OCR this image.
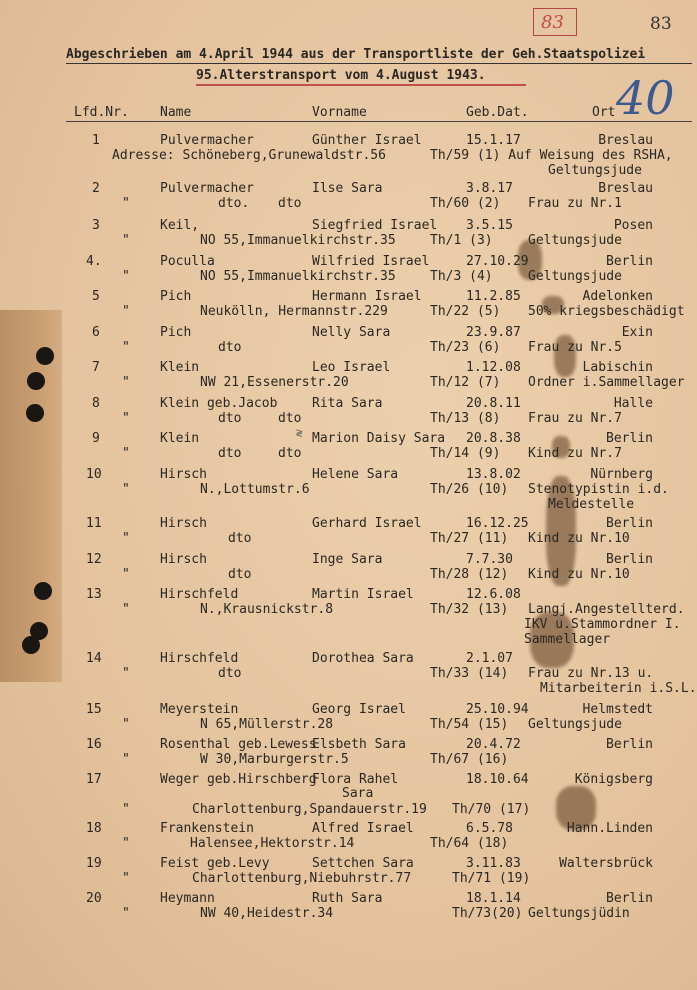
83	83
40
Abgeschrieben am 4.April 1944 aus der Transportliste der Geh.Staatspolizei
95.Alterstransport vom 4.August 1943.
Lfd.Nr. Name	Vorname	Geb.Dat.	Ort
1	Pulvermacher	Günther Israel	15.1.17	Breslau
Adresse: Schöneberg,Grunewaldstr.56	Th/59 (1) Auf Weisung des RSHA,
Geltungsjude
2	Pulvermacher	Ilse Sara	3.8.17	Breslau
"	dto. dto	Th/60 (2) Frau zu Nr.1
3	Keil,	Siegfried Israel 3.5.15	Posen
"	NO 55,Immanuelkirchstr.35	Th/1 (3)	Geltungsjude
4.	Poculla	Wilfried Israel	27.10.29	Berlin
"	NO 55,Immanuelkirchstr.35	Th/3 (4)	Geltungsjude
5	Pich	Hermann Israel	11.2.85	Adelonken
"	Neukölln, Hermannstr.229	Th/22 (5) 50% kriegsbeschädigt
6	Pich	Nelly Sara	23.9.87	Exin
"	dto	Th/23 (6) Frau zu Nr.5
7	Klein	Leo Israel	1.12.08	Labischin
"	NW 21,Essenerstr.20	Th/12 (7) Ordner i.Sammellager
8	Klein geb.Jacob	Rita Sara	20.8.11	Halle
"	dto	dto	Th/13 (8) Frau zu Nr.7
9	Klein	Marion Daisy Sara 20.8.38	Berlin
"	dto	dto	Th/14 (9) Kind zu Nr.7
10	Hirsch	Helene Sara	13.8.02	Nürnberg
"	N.,Lottumstr.6	Th/26 (10) Stenotypistin i.d.
Meldestelle
11	Hirsch	Gerhard Israel	16.12.25	Berlin
"	dto	Th/27 (11) Kind zu Nr.10
12	Hirsch	Inge Sara	7.7.30	Berlin
"	dto	Th/28 (12) Kind zu Nr.10
13	Hirschfeld	Martin Israel	12.6.08
"	N.,Krausnickstr.8	Th/32 (13) Langj.Angestellterd.
IKV u.Stammordner I.
Sammellager
14	Hirschfeld	Dorothea Sara	2.1.07
"	dto	Th/33 (14) Frau zu Nr.13 u.
Mitarbeiterin i.S.L.
15	Meyerstein	Georg Israel	25.10.94	Helmstedt
"	N 65,Müllerstr.28	Th/54 (15) Geltungsjude
16	Rosenthal geb.Lewess
Elsbeth Sara	20.4.72	Berlin
"	W 30,Marburgerstr.5	Th/67 (16)
17	Weger geb.Hirschberg
Flora Rahel	18.10.64	Königsberg
Sara
"	Charlottenburg,Spandauerstr.19 Th/70 (17)
18	Frankenstein	Alfred Israel	6.5.78	Hann.Linden
"	Halensee,Hektorstr.14	Th/64 (18)
19	Feist geb.Levy	Settchen Sara	3.11.83	Waltersbrück
"	Charlottenburg,Niebuhrstr.77	Th/71 (19)
20	Heymann	Ruth Sara	18.1.14	Berlin
"	NW 40,Heidestr.34	Th/73(20) Geltungsjüdin
≷
